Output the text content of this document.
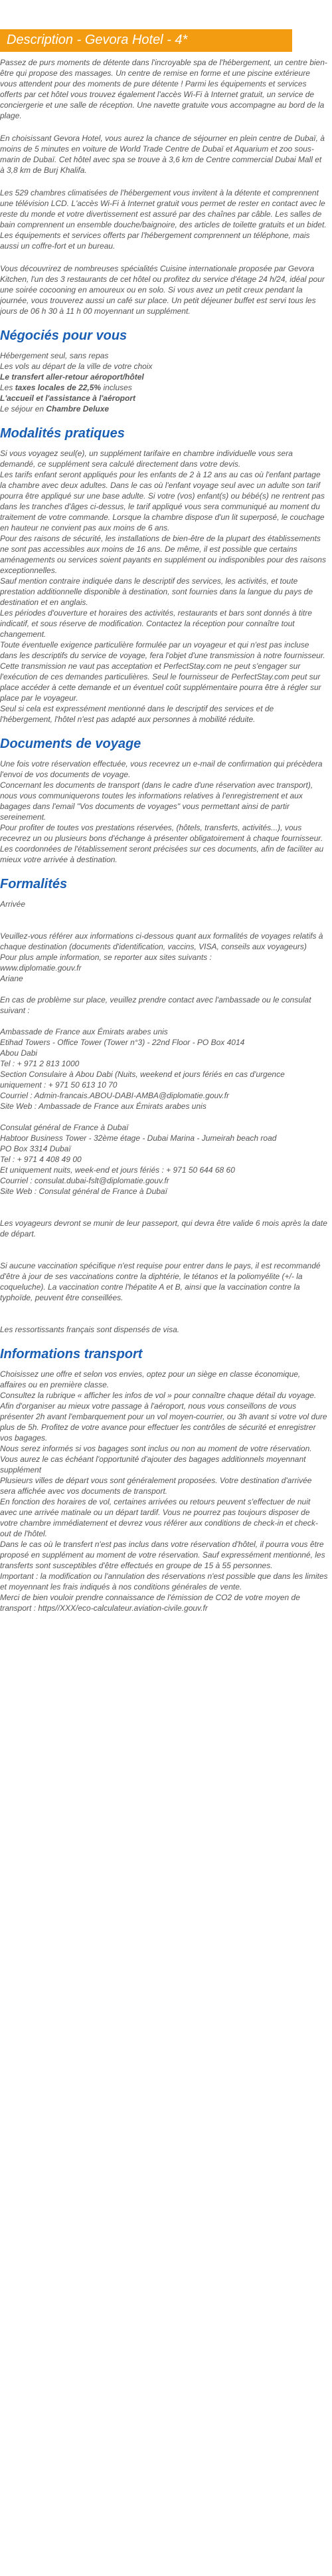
Description - Gevora Hotel - 4*

Passez de purs moments de détente dans l'incroyable spa de l'hébergement, un centre bien-être qui propose des massages. Un centre de remise en forme et une piscine extérieure vous attendent pour des moments de pure détente ! Parmi les équipements et services offerts par cet hôtel vous trouvez également l'accès Wi-Fi à Internet gratuit, un service de conciergerie et une salle de réception. Une navette gratuite vous accompagne au bord de la plage.

En choisissant Gevora Hotel, vous aurez la chance de séjourner en plein centre de Dubaï, à moins de 5 minutes en voiture de World Trade Centre de Dubaï et Aquarium et zoo sous-marin de Dubaï. Cet hôtel avec spa se trouve à 3,6 km de Centre commercial Dubai Mall et à 3,8 km de Burj Khalifa.

Les 529 chambres climatisées de l'hébergement vous invitent à la détente et comprennent une télévision LCD. L'accès Wi-Fi à Internet gratuit vous permet de rester en contact avec le reste du monde et votre divertissement est assuré par des chaînes par câble. Les salles de bain comprennent un ensemble douche/baignoire, des articles de toilette gratuits et un bidet. Les équipements et services offerts par l'hébergement comprennent un téléphone, mais aussi un coffre-fort et un bureau.

Vous découvrirez de nombreuses spécialités Cuisine internationale proposée par Gevora Kitchen, l'un des 3 restaurants de cet hôtel ou profitez du service d'étage 24 h/24, idéal pour une soirée cocooning en amoureux ou en solo. Si vous avez un petit creux pendant la journée, vous trouverez aussi un café sur place. Un petit déjeuner buffet est servi tous les jours de 06 h 30 à 11 h 00 moyennant un supplément.

Négociés pour vous
Hébergement seul, sans repas
Les vols au départ de la ville de votre choix
Le transfert aller-retour aéroport/hôtel
Les taxes locales de 22,5% incluses
L'accueil et l'assistance à l'aéroport
Le séjour en Chambre Deluxe
Modalités pratiques
Si vous voyagez seul(e), un supplément tarifaire en chambre individuelle vous sera demandé, ce supplément sera calculé directement dans votre devis.
Les tarifs enfant seront appliqués pour les enfants de 2 à 12 ans au cas où l'enfant partage la chambre avec deux adultes. Dans le cas où l'enfant voyage seul avec un adulte son tarif pourra être appliqué sur une base adulte. Si votre (vos) enfant(s) ou bébé(s) ne rentrent pas dans les tranches d'âges ci-dessus, le tarif appliqué vous sera communiqué au moment du traitement de votre commande. Lorsque la chambre dispose d'un lit superposé, le couchage en hauteur ne convient pas aux moins de 6 ans.
Pour des raisons de sécurité, les installations de bien-être de la plupart des établissements ne sont pas accessibles aux moins de 16 ans. De même, il est possible que certains aménagements ou services soient payants en supplément ou indisponibles pour des raisons exceptionnelles.
Sauf mention contraire indiquée dans le descriptif des services, les activités, et toute prestation additionnelle disponible à destination, sont fournies dans la langue du pays de destination et en anglais.
Les périodes d'ouverture et horaires des activités, restaurants et bars sont donnés à titre indicatif, et sous réserve de modification. Contactez la réception pour connaître tout changement.
Toute éventuelle exigence particulière formulée par un voyageur et qui n'est pas incluse dans les descriptifs du service de voyage, fera l'objet d'une transmission à notre fournisseur. Cette transmission ne vaut pas acceptation et PerfectStay.com ne peut s'engager sur l'exécution de ces demandes particulières. Seul le fournisseur de PerfectStay.com peut sur place accéder à cette demande et un éventuel coût supplémentaire pourra être à régler sur place par le voyageur.
Seul si cela est expressément mentionné dans le descriptif des services et de l'hébergement, l'hôtel n'est pas adapté aux personnes à mobilité réduite.
Documents de voyage
Une fois votre réservation effectuée, vous recevrez un e-mail de confirmation qui précèdera l'envoi de vos documents de voyage.
Concernant les documents de transport (dans le cadre d'une réservation avec transport), nous vous communiquerons toutes les informations relatives à l'enregistrement et aux bagages dans l'email "Vos documents de voyages" vous permettant ainsi de partir sereinement.
Pour profiter de toutes vos prestations réservées, (hôtels, transferts, activités...), vous recevrez un ou plusieurs bons d'échange à présenter obligatoirement à chaque fournisseur.
Les coordonnées de l'établissement seront précisées sur ces documents, afin de faciliter au mieux votre arrivée à destination.
Formalités
Arrivée
Veuillez-vous référer aux informations ci-dessous quant aux formalités de voyages relatifs à chaque destination (documents d'identification, vaccins, VISA, conseils aux voyageurs)
Pour plus ample information, se reporter aux sites suivants :
www.diplomatie.gouv.fr
Ariane
En cas de problème sur place, veuillez prendre contact avec l'ambassade ou le consulat suivant :
Ambassade de France aux Émirats arabes unis
Etihad Towers - Office Tower (Tower n°3) - 22nd Floor - PO Box 4014
Abou Dabi
Tel : + 971 2 813 1000
Section Consulaire à Abou Dabi (Nuits, weekend et jours fériés en cas d'urgence uniquement : + 971 50 613 10 70
Courriel : Admin-francais.ABOU-DABI-AMBA@diplomatie.gouv.fr
Site Web : Ambassade de France aux Émirats arabes unis
Consulat général de France à Dubaï
Habtoor Business Tower - 32ème étage - Dubai Marina - Jumeirah beach road
PO Box 3314 Dubaï
Tel : + 971 4 408 49 00
Et uniquement nuits, week-end et jours fériés : + 971 50 644 68 60
Courriel : consulat.dubai-fslt@diplomatie.gouv.fr
Site Web : Consulat général de France à Dubaï
Les voyageurs devront se munir de leur passeport, qui devra être valide 6 mois après la date de départ.
Si aucune vaccination spécifique n'est requise pour entrer dans le pays, il est recommandé d'être à jour de ses vaccinations contre la diphtérie, le tétanos et la poliomyélite (+/- la coqueluche). La vaccination contre l'hépatite A et B, ainsi que la vaccination contre la typhoïde, peuvent être conseillées.
Les ressortissants français sont dispensés de visa.
Informations transport
Choisissez une offre et selon vos envies, optez pour un siège en classe économique, affaires ou en première classe.
Consultez la rubrique « afficher les infos de vol » pour connaître chaque détail du voyage.
Afin d'organiser au mieux votre passage à l'aéroport, nous vous conseillons de vous présenter 2h avant l'embarquement pour un vol moyen-courrier, ou 3h avant si votre vol dure plus de 5h. Profitez de votre avance pour effectuer les contrôles de sécurité et enregistrer vos bagages.
Nous serez informés si vos bagages sont inclus ou non au moment de votre réservation.
Vous aurez le cas échéant l'opportunité d'ajouter des bagages additionnels moyennant supplément
Plusieurs villes de départ vous sont généralement proposées. Votre destination d'arrivée sera affichée avec vos documents de transport.
En fonction des horaires de vol, certaines arrivées ou retours peuvent s'effectuer de nuit avec une arrivée matinale ou un départ tardif. Vous ne pourrez pas toujours disposer de votre chambre immédiatement et devrez vous référer aux conditions de check-in et check-out de l'hôtel.
Dans le cas où le transfert n'est pas inclus dans votre réservation d'hôtel, il pourra vous être proposé en supplément au moment de votre réservation. Sauf expressément mentionné, les transferts sont susceptibles d'être effectués en groupe de 15 à 55 personnes.
Important : la modification ou l'annulation des réservations n'est possible que dans les limites et moyennant les frais indiqués à nos conditions générales de vente.
Merci de bien vouloir prendre connaissance de l'émission de CO2 de votre moyen de transport : https//XXX/eco-calculateur.aviation-civile.gouv.fr
